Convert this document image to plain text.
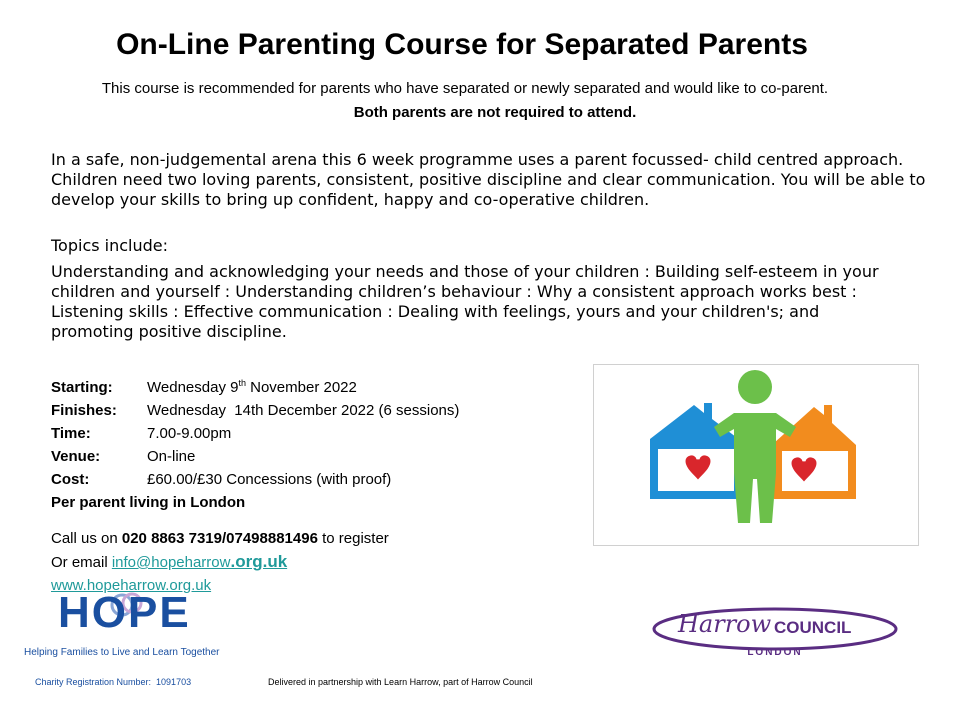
On-Line Parenting Course for Separated Parents
This course is recommended for parents who have separated or newly separated and would like to co-parent.
Both parents are not required to attend.
In a safe, non-judgemental arena this 6 week programme uses a parent focussed- child centred approach. Children need two loving parents, consistent, positive discipline and clear communication. You will be able to develop your skills to bring up confident, happy and co-operative children.
Topics include:
Understanding and acknowledging your needs and those of your children : Building self-esteem in your children and yourself : Understanding children’s behaviour : Why a consistent approach works best : Listening skills : Effective communication : Dealing with feelings, yours and your children's; and promoting positive discipline.
Starting: Wednesday 9th November 2022
Finishes: Wednesday  14th December 2022 (6 sessions)
Time:	7.00-9.00pm
Venue:	On-line
Cost:	£60.00/£30 Concessions (with proof)
Per parent living in London
Call us on 020 8863 7319/07498881496 to register
Or email info@hopeharrow.org.uk
www.hopeharrow.org.uk
HOPE
Helping Families to Live and Learn Together
Harrow COUNCIL
LONDON
Charity Registration Number:  1091703	Delivered in partnership with Learn Harrow, part of Harrow Council
